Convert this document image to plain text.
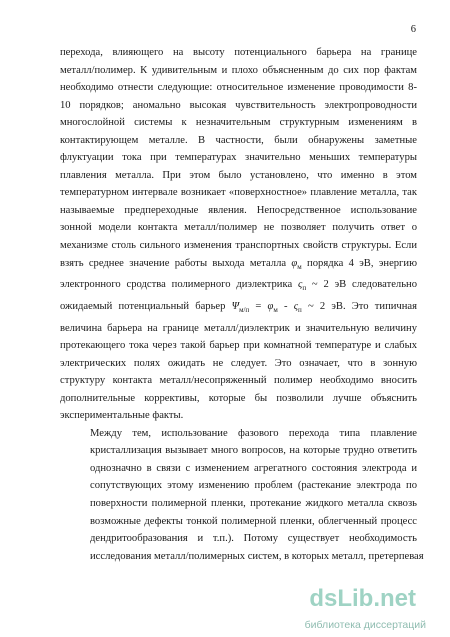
6

перехода, влияющего на высоту потенциального барьера на границе
металл/полимер. К удивительным и плохо объясненным до сих пор фактам
необходимо отнести следующие: относительное изменение проводимости 8-
10 порядков; аномально высокая чувствительность электропроводности
многослойной системы к незначительным структурным изменениям в
контактирующем металле. В частности, были обнаружены заметные
флуктуации тока при температурах значительно меньших температуры
плавления металла. При этом было установлено, что именно в этом
температурном интервале возникает «поверхностное» плавление металла, так
называемые предпереходные явления. Непосредственное использование
зонной модели контакта металл/полимер не позволяет получить ответ о
механизме столь сильного изменения транспортных свойств структуры. Если
взять среднее значение работы выхода металла $\varphi_м$ порядка 4 эВ, энергию
электронного сродства полимерного диэлектрика $\varsigma_п$ ~ 2 эВ следовательно
ожидаемый потенциальный барьер $\Psi_{м/п} = \varphi_м - \varsigma_п$ ~ 2 эВ. Это типичная
величина барьера на границе металл/диэлектрик и значительную величину
протекающего тока через такой барьер при комнатной температуре и слабых
электрических полях ожидать не следует. Это означает, что в зонную
структуру контакта металл/несопряженный полимер необходимо вносить
дополнительные коррективы, которые бы позволили лучше объяснить
экспериментальные факты.

Между тем, использование фазового перехода типа плавление
кристаллизация вызывает много вопросов, на которые трудно ответить
однозначно в связи с изменением агрегатного состояния электрода и
сопутствующих этому изменению проблем (растекание электрода по
поверхности полимерной пленки, протекание жидкого металла сквозь
возможные дефекты тонкой полимерной пленки, облегченный процесс
дендритообразования и т.п.). Потому существует необходимость
исследования металл/полимерных систем, в которых металл, претерпевая

dsLib.net
библиотека диссертаций
